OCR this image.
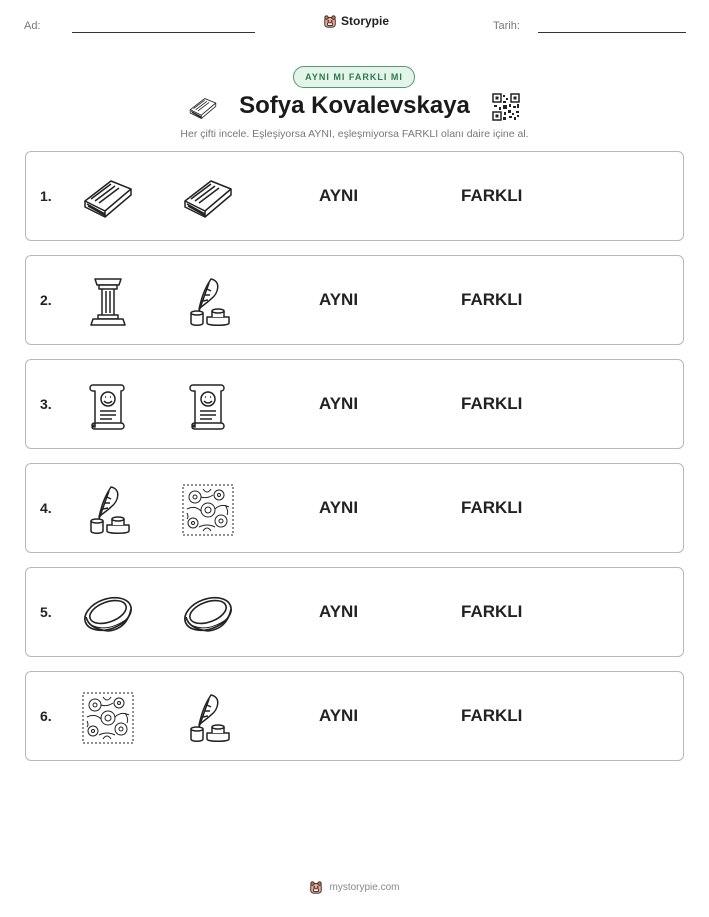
Ad:	Storypie	Tarih:
AYNI MI FARKLI MI
Sofya Kovalevskaya
Her çifti incele. Eşleşiyorsa AYNI, eşleşmiyorsa FARKLI olanı daire içine al.
1.	AYNI	FARKLI
2.	AYNI	FARKLI
3.	AYNI	FARKLI
4.	AYNI	FARKLI
5.	AYNI	FARKLI
6.	AYNI	FARKLI
mystorypie.com
